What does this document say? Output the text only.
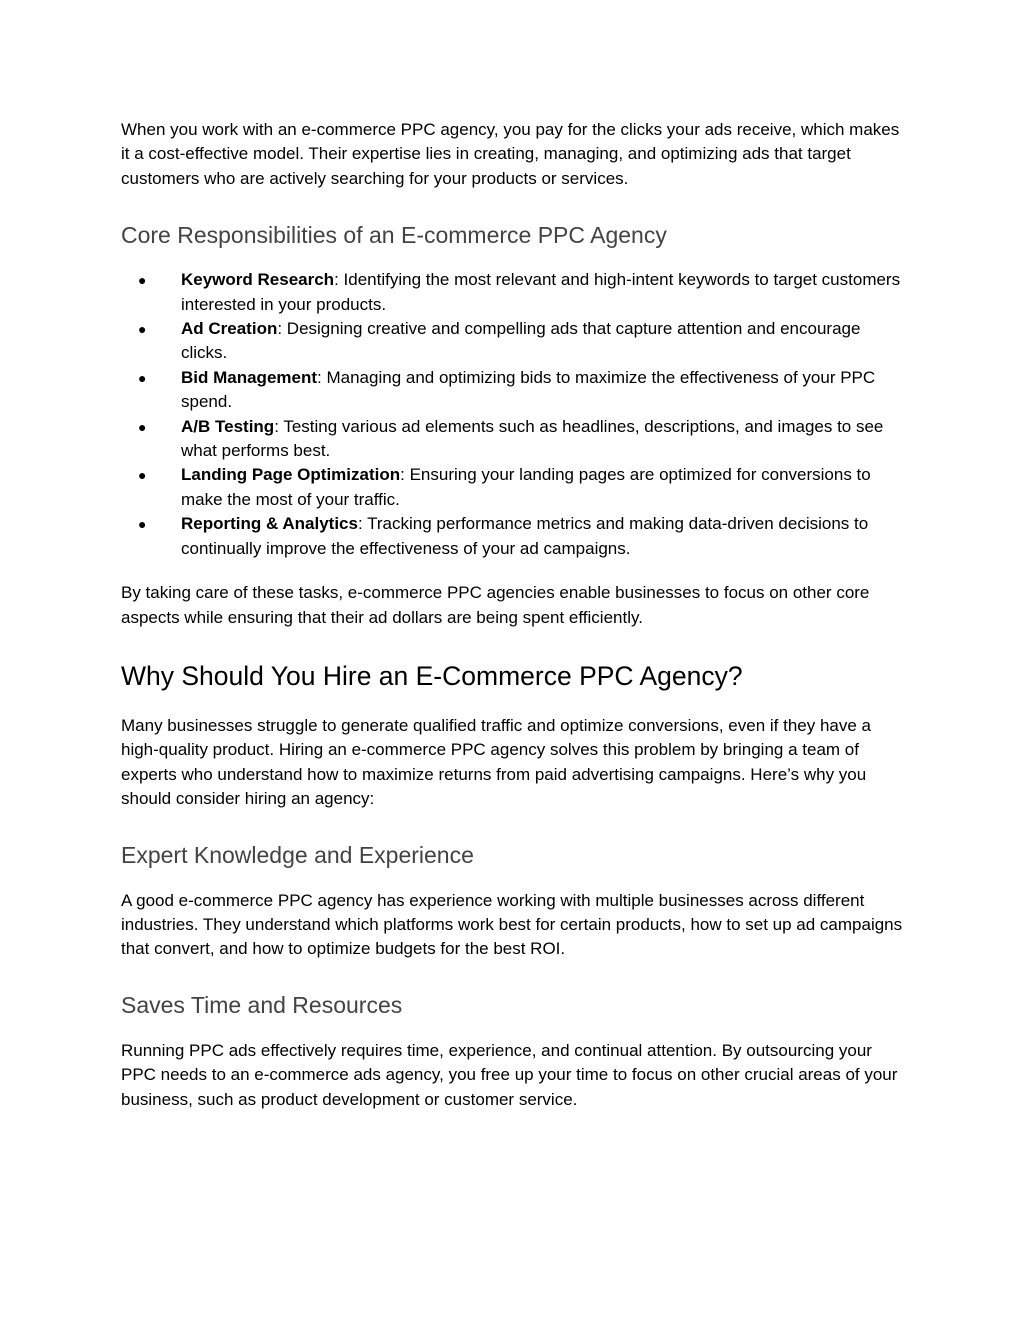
When you work with an e-commerce PPC agency, you pay for the clicks your ads receive, which makes it a cost-effective model. Their expertise lies in creating, managing, and optimizing ads that target customers who are actively searching for your products or services.

Core Responsibilities of an E-commerce PPC Agency
● Keyword Research: Identifying the most relevant and high-intent keywords to target customers interested in your products.
● Ad Creation: Designing creative and compelling ads that capture attention and encourage clicks.
● Bid Management: Managing and optimizing bids to maximize the effectiveness of your PPC spend.
● A/B Testing: Testing various ad elements such as headlines, descriptions, and images to see what performs best.
● Landing Page Optimization: Ensuring your landing pages are optimized for conversions to make the most of your traffic.
● Reporting & Analytics: Tracking performance metrics and making data-driven decisions to continually improve the effectiveness of your ad campaigns.

By taking care of these tasks, e-commerce PPC agencies enable businesses to focus on other core aspects while ensuring that their ad dollars are being spent efficiently.

Why Should You Hire an E-Commerce PPC Agency?

Many businesses struggle to generate qualified traffic and optimize conversions, even if they have a high-quality product. Hiring an e-commerce PPC agency solves this problem by bringing a team of experts who understand how to maximize returns from paid advertising campaigns. Here’s why you should consider hiring an agency:

Expert Knowledge and Experience

A good e-commerce PPC agency has experience working with multiple businesses across different industries. They understand which platforms work best for certain products, how to set up ad campaigns that convert, and how to optimize budgets for the best ROI.

Saves Time and Resources

Running PPC ads effectively requires time, experience, and continual attention. By outsourcing your PPC needs to an e-commerce ads agency, you free up your time to focus on other crucial areas of your business, such as product development or customer service.
